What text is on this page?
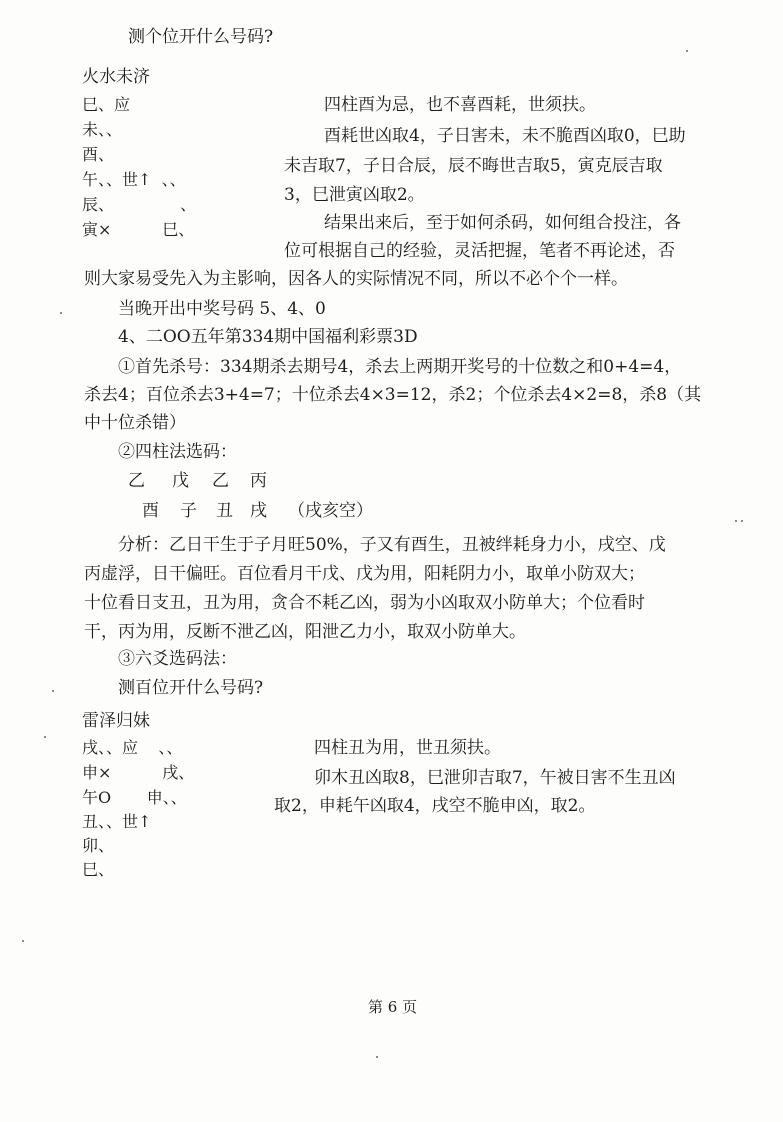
测个位开什么号码?
火水未济
巳、应
未、、
酉、
午、、世↑  、、
辰、             、
寅×          巳、
四柱酉为忌，也不喜酉耗，世须扶。
酉耗世凶取4，子日害未，未不脆酉凶取0，巳助
未吉取7，子日合辰，辰不晦世吉取5，寅克辰吉取
3，巳泄寅凶取2。
结果出来后，至于如何杀码，如何组合投注，各
位可根据自己的经验，灵活把握，笔者不再论述，否
则大家易受先入为主影响，因各人的实际情况不同，所以不必个个一样。
当晚开出中奖号码 5、4、0
4、二OO五年第334期中国福利彩票3D
①首先杀号：334期杀去期号4，杀去上两期开奖号的十位数之和0+4=4，
杀去4；百位杀去3+4=7；十位杀去4×3=12，杀2；个位杀去4×2=8，杀8（其
中十位杀错）
②四柱法选码：
乙 戊 乙 丙
酉 子 丑 戌 （戌亥空）
分析：乙日干生于子月旺50%，子又有酉生，丑被绊耗身力小，戌空、戊
丙虚浮，日干偏旺。百位看月干戊、戊为用，阳耗阴力小，取单小防双大；
十位看日支丑，丑为用，贪合不耗乙凶，弱为小凶取双小防单大；个位看时
干，丙为用，反断不泄乙凶，阳泄乙力小，取双小防单大。
③六爻选码法：
测百位开什么号码?
雷泽归妹
戌、、应    、、
申×          戌、
午O       申、、
丑、、世↑
卯、
巳、
四柱丑为用，世丑须扶。
卯木丑凶取8，巳泄卯吉取7，午被日害不生丑凶
取2，申耗午凶取4，戌空不脆申凶，取2。
第 6 页
